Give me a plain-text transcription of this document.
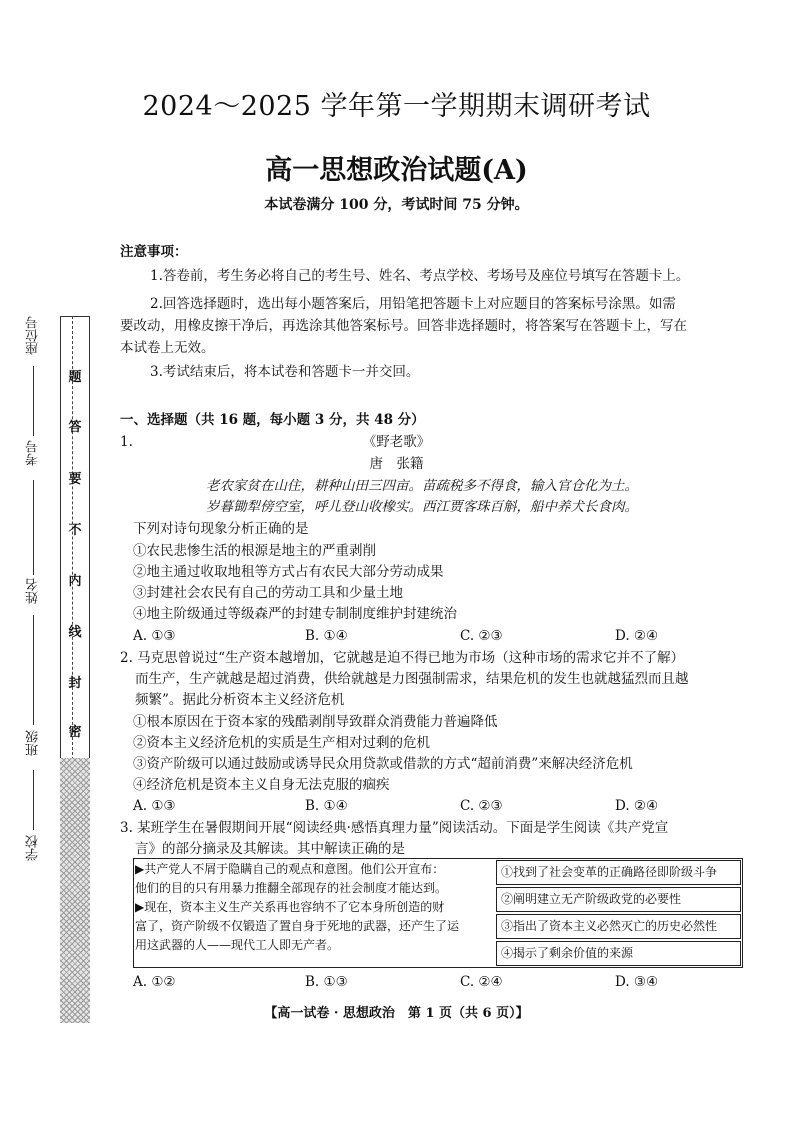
2024～2025 学年第一学期期末调研考试
高一思想政治试题(A)
本试卷满分 100 分，考试时间 75 分钟。
题
答
要
不
内
线
封
密
座位号
考号
姓名
班级
学校
注意事项：
1.答卷前，考生务必将自己的考生号、姓名、考点学校、考场号及座位号填写在答题卡上。
2.回答选择题时，选出每小题答案后，用铅笔把答题卡上对应题目的答案标号涂黑。如需
要改动，用橡皮擦干净后，再选涂其他答案标号。回答非选择题时，将答案写在答题卡上，写在
本试卷上无效。
3.考试结束后，将本试卷和答题卡一并交回。
一、选择题（共 16 题，每小题 3 分，共 48 分）
1.	《野老歌》
唐　张籍
老农家贫在山住，耕种山田三四亩。苗疏税多不得食，输入官仓化为土。
岁暮锄犁傍空室，呼儿登山收橡实。西江贾客珠百斛，船中养犬长食肉。
下列对诗句现象分析正确的是
①农民悲惨生活的根源是地主的严重剥削
②地主通过收取地租等方式占有农民大部分劳动成果
③封建社会农民有自己的劳动工具和少量土地
④地主阶级通过等级森严的封建专制制度维护封建统治
A. ①③	B. ①④	C. ②③	D. ②④
2. 马克思曾说过“生产资本越增加，它就越是迫不得已地为市场（这种市场的需求它并不了解）
而生产，生产就越是超过消费，供给就越是力图强制需求，结果危机的发生也就越猛烈而且越
频繁”。据此分析资本主义经济危机
①根本原因在于资本家的残酷剥削导致群众消费能力普遍降低
②资本主义经济危机的实质是生产相对过剩的危机
③资产阶级可以通过鼓励或诱导民众用贷款或借款的方式“超前消费”来解决经济危机
④经济危机是资本主义自身无法克服的痼疾
A. ①③	B. ①④	C. ②③	D. ②④
3. 某班学生在暑假期间开展“阅读经典·感悟真理力量”阅读活动。下面是学生阅读《共产党宣
言》的部分摘录及其解读。其中解读正确的是
▶共产党人不屑于隐瞒自己的观点和意图。他们公开宣布：
他们的目的只有用暴力推翻全部现存的社会制度才能达到。
▶现在，资本主义生产关系再也容纳不了它本身所创造的财
富了，资产阶级不仅锻造了置自身于死地的武器，还产生了运
用这武器的人——现代工人即无产者。
①找到了社会变革的正确路径即阶级斗争
②阐明建立无产阶级政党的必要性
③指出了资本主义必然灭亡的历史必然性
④揭示了剩余价值的来源
A. ①②	B. ①③	C. ②④	D. ③④
【高一试卷 · 思想政治　第 1 页（共 6 页）】
